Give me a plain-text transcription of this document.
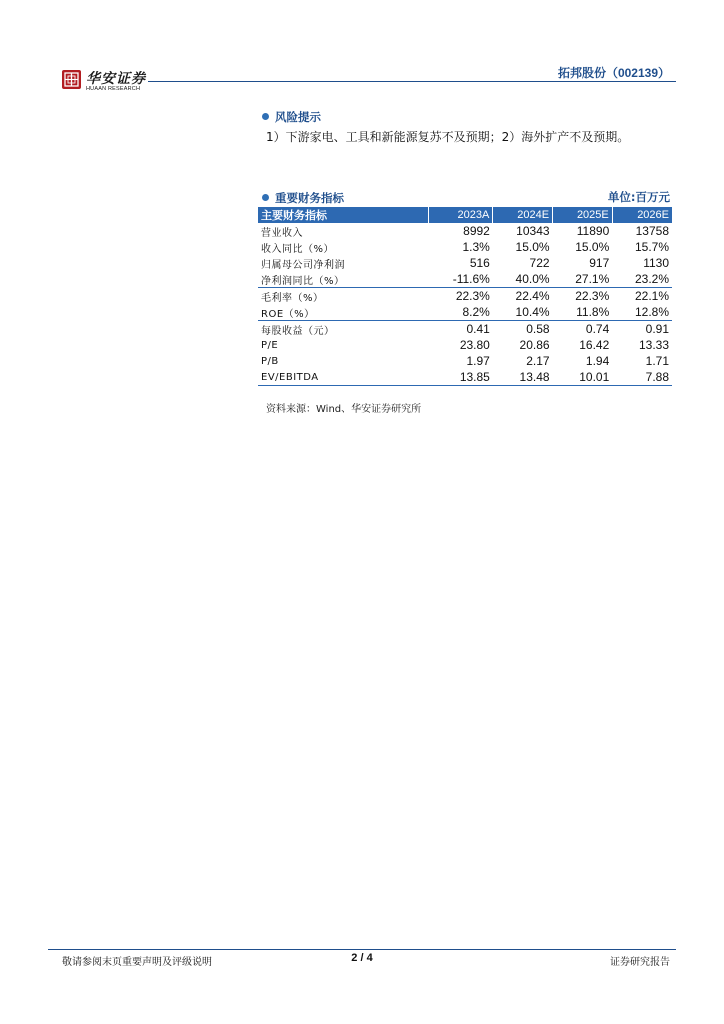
华安证券
HUAAN RESEARCH
拓邦股份（002139）
风险提示
1）下游家电、工具和新能源复苏不及预期；2）海外扩产不及预期。
重要财务指标	单位:百万元
主要财务指标	2023A	2024E	2025E	2026E
营业收入	8992	10343	11890	13758
收入同比（%）	1.3%	15.0%	15.0%	15.7%
归属母公司净利润	516	722	917	1130
净利润同比（%）	-11.6%	40.0%	27.1%	23.2%
毛利率（%）	22.3%	22.4%	22.3%	22.1%
ROE（%）	8.2%	10.4%	11.8%	12.8%
每股收益（元）	0.41	0.58	0.74	0.91
P/E	23.80	20.86	16.42	13.33
P/B	1.97	2.17	1.94	1.71
EV/EBITDA	13.85	13.48	10.01	7.88
资料来源：Wind、华安证券研究所
敬请参阅末页重要声明及评级说明	2 / 4	证券研究报告
